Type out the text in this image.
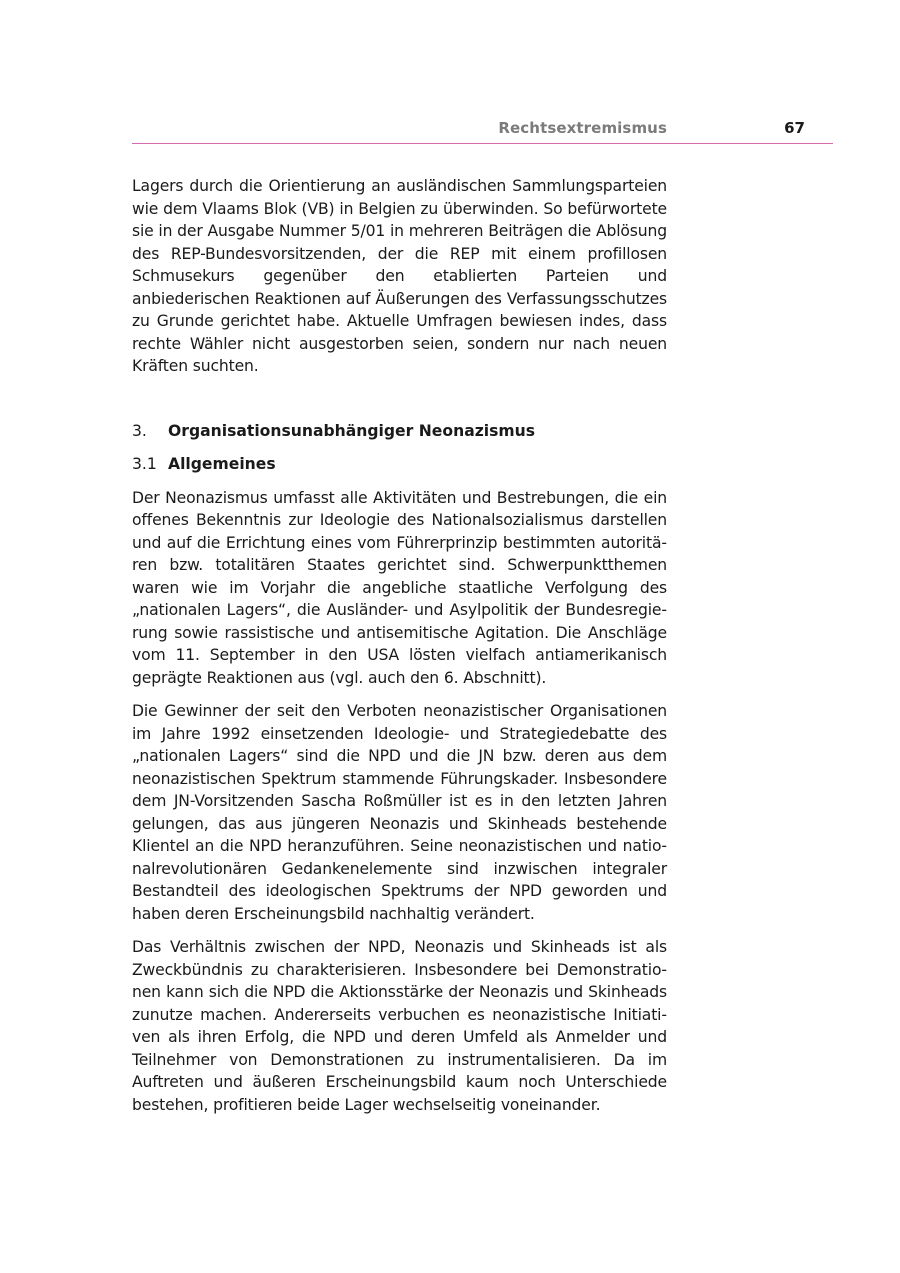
Rechtsextremismus	67

Lagers durch die Orientierung an ausländischen Sammlungsparteien wie dem Vlaams Blok (VB) in Belgien zu überwinden. So befürwortete sie in der Ausgabe Nummer 5/01 in mehreren Beiträgen die Ablösung des REP-Bundesvorsitzenden, der die REP mit einem profillosen Schmusekurs gegenüber den etablierten Parteien und anbiederischen Reaktionen auf Äußerungen des Verfassungsschutzes zu Grunde gerichtet habe. Aktuelle Umfragen bewiesen indes, dass rechte Wähler nicht ausgestorben seien, sondern nur nach neuen Kräften suchten.

3.	Organisationsunabhängiger Neonazismus
3.1 Allgemeines

Der Neonazismus umfasst alle Aktivitäten und Bestrebungen, die ein offenes Bekenntnis zur Ideologie des Nationalsozialismus darstellen und auf die Errichtung eines vom Führerprinzip bestimmten autoritären bzw. totalitären Staates gerichtet sind. Schwerpunktthemen waren wie im Vorjahr die angebliche staatliche Verfolgung des „nationalen Lagers“, die Ausländer- und Asylpolitik der Bundesregierung sowie rassistische und antisemitische Agitation. Die Anschläge vom 11. September in den USA lösten vielfach antiamerikanisch geprägte Reaktionen aus (vgl. auch den 6. Abschnitt).

Die Gewinner der seit den Verboten neonazistischer Organisationen im Jahre 1992 einsetzenden Ideologie- und Strategiedebatte des „nationalen Lagers“ sind die NPD und die JN bzw. deren aus dem neonazistischen Spektrum stammende Führungskader. Insbesondere dem JN-Vorsitzenden Sascha Roßmüller ist es in den letzten Jahren gelungen, das aus jüngeren Neonazis und Skinheads bestehende Klientel an die NPD heranzuführen. Seine neonazistischen und nationalrevolutionären Gedankenelemente sind inzwischen integraler Bestandteil des ideologischen Spektrums der NPD geworden und haben deren Erscheinungsbild nachhaltig verändert.

Das Verhältnis zwischen der NPD, Neonazis und Skinheads ist als Zweckbündnis zu charakterisieren. Insbesondere bei Demonstrationen kann sich die NPD die Aktionsstärke der Neonazis und Skinheads zunutze machen. Andererseits verbuchen es neonazistische Initiativen als ihren Erfolg, die NPD und deren Umfeld als Anmelder und Teilnehmer von Demonstrationen zu instrumentalisieren. Da im Auftreten und äußeren Erscheinungsbild kaum noch Unterschiede bestehen, profitieren beide Lager wechselseitig voneinander.
